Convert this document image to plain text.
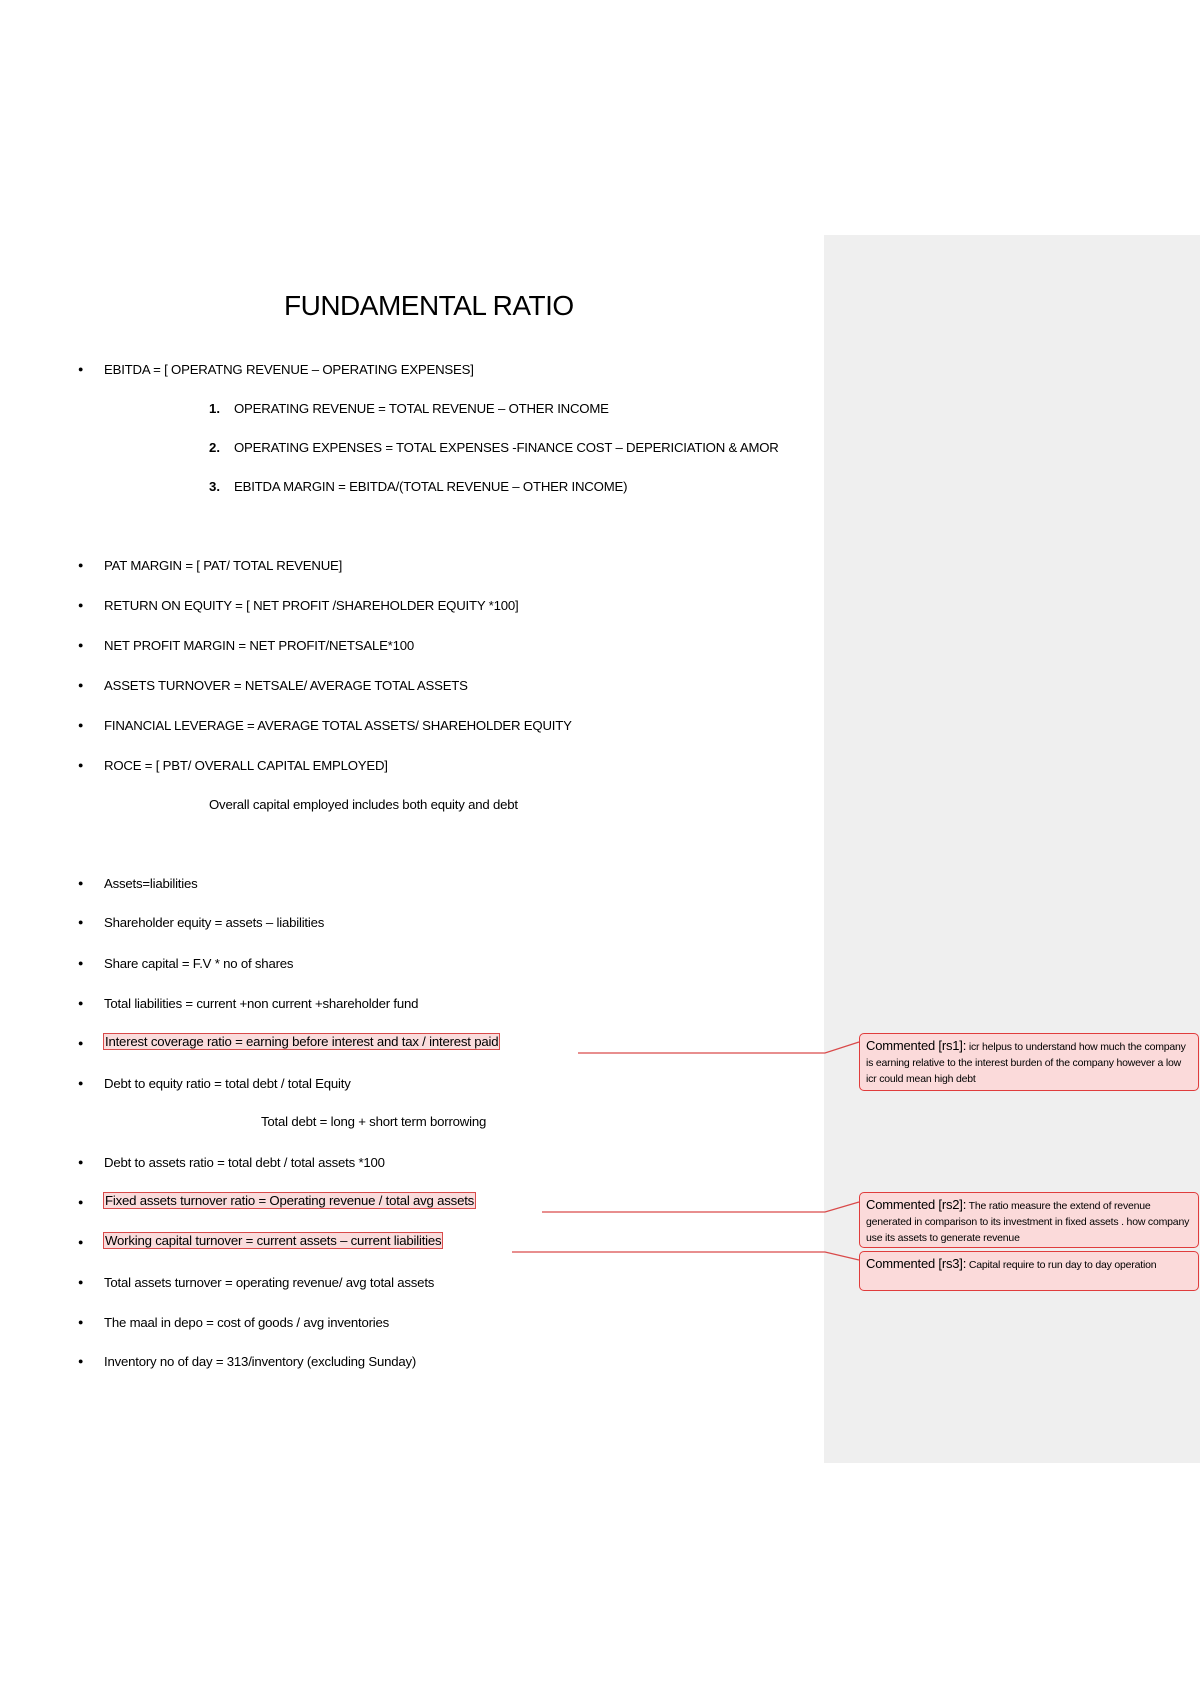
FUNDAMENTAL RATIO
● EBITDA = [ OPERATNG REVENUE – OPERATING EXPENSES]
1. OPERATING REVENUE = TOTAL REVENUE – OTHER INCOME
2. OPERATING EXPENSES = TOTAL EXPENSES -FINANCE COST – DEPERICIATION & AMOR
3. EBITDA MARGIN = EBITDA/(TOTAL REVENUE – OTHER INCOME)
● PAT MARGIN = [ PAT/ TOTAL REVENUE]
● RETURN ON EQUITY = [ NET PROFIT /SHAREHOLDER EQUITY *100]
● NET PROFIT MARGIN = NET PROFIT/NETSALE*100
● ASSETS TURNOVER = NETSALE/ AVERAGE TOTAL ASSETS
● FINANCIAL LEVERAGE = AVERAGE TOTAL ASSETS/ SHAREHOLDER EQUITY
● ROCE = [ PBT/ OVERALL CAPITAL EMPLOYED]
Overall capital employed includes both equity and debt
● Assets=liabilities
● Shareholder equity = assets – liabilities
● Share capital = F.V * no of shares
● Total liabilities = current +non current +shareholder fund
● Interest coverage ratio = earning before interest and tax / interest paid
● Debt to equity ratio = total debt / total Equity
Total debt = long + short term borrowing
● Debt to assets ratio = total debt / total assets *100
● Fixed assets turnover ratio = Operating revenue / total avg assets
● Working capital turnover = current assets – current liabilities
● Total assets turnover = operating revenue/ avg total assets
● The maal in depo = cost of goods / avg inventories
● Inventory no of day = 313/inventory (excluding Sunday)
Commented [rs1]: icr helpus to understand how much the company is earning relative to the interest burden of the company however a low icr could mean high debt
Commented [rs2]: The ratio measure the extend of revenue generated in comparison to its investment in fixed assets . how company use its assets to generate revenue
Commented [rs3]: Capital require to run day to day operation
